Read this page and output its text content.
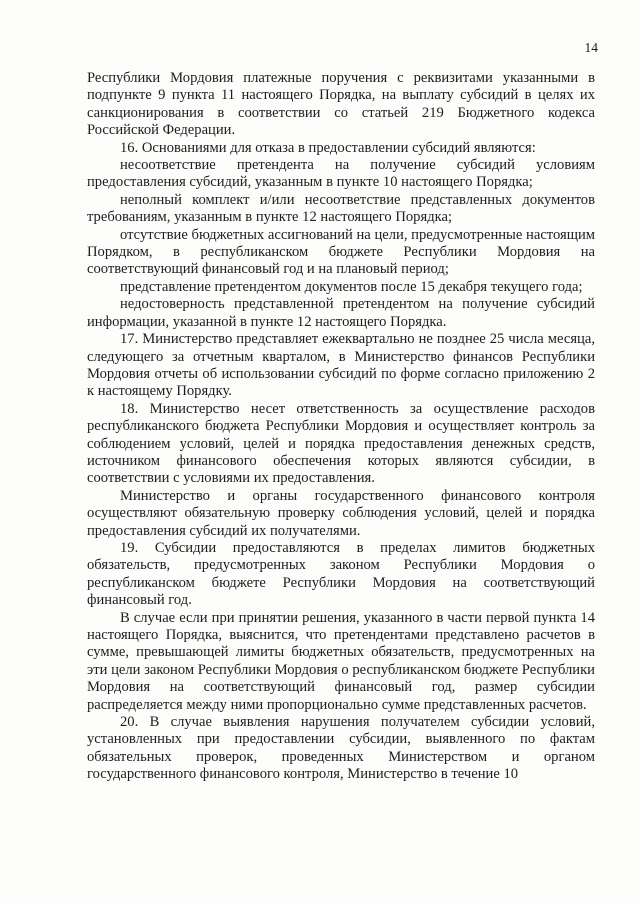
14

Республики Мордовия платежные поручения с реквизитами указанными в подпункте 9 пункта 11 настоящего Порядка, на выплату субсидий в целях их санкционирования в соответствии со статьей 219 Бюджетного кодекса Российской Федерации.

16. Основаниями для отказа в предоставлении субсидий являются:

несоответствие претендента на получение субсидий условиям предоставления субсидий, указанным в пункте 10 настоящего Порядка;

неполный комплект и/или несоответствие представленных документов требованиям, указанным в пункте 12 настоящего Порядка;

отсутствие бюджетных ассигнований на цели, предусмотренные настоящим Порядком, в республиканском бюджете Республики Мордовия на соответствующий финансовый год и на плановый период;

представление претендентом документов после 15 декабря текущего года;

недостоверность представленной претендентом на получение субсидий информации, указанной в пункте 12 настоящего Порядка.

17. Министерство представляет ежеквартально не позднее 25 числа месяца, следующего за отчетным кварталом, в Министерство финансов Республики Мордовия отчеты об использовании субсидий по форме согласно приложению 2 к настоящему Порядку.

18. Министерство несет ответственность за осуществление расходов республиканского бюджета Республики Мордовия и осуществляет контроль за соблюдением условий, целей и порядка предоставления денежных средств, источником финансового обеспечения которых являются субсидии, в соответствии с условиями их предоставления.

Министерство и органы государственного финансового контроля осуществляют обязательную проверку соблюдения условий, целей и порядка предоставления субсидий их получателями.

19. Субсидии предоставляются в пределах лимитов бюджетных обязательств, предусмотренных законом Республики Мордовия о республиканском бюджете Республики Мордовия на соответствующий финансовый год.

В случае если при принятии решения, указанного в части первой пункта 14 настоящего Порядка, выяснится, что претендентами представлено расчетов в сумме, превышающей лимиты бюджетных обязательств, предусмотренных на эти цели законом Республики Мордовия о республиканском бюджете Республики Мордовия на соответствующий финансовый год, размер субсидии распределяется между ними пропорционально сумме представленных расчетов.

20. В случае выявления нарушения получателем субсидии условий, установленных при предоставлении субсидии, выявленного по фактам обязательных проверок, проведенных Министерством и органом государственного финансового контроля, Министерство в течение 10
